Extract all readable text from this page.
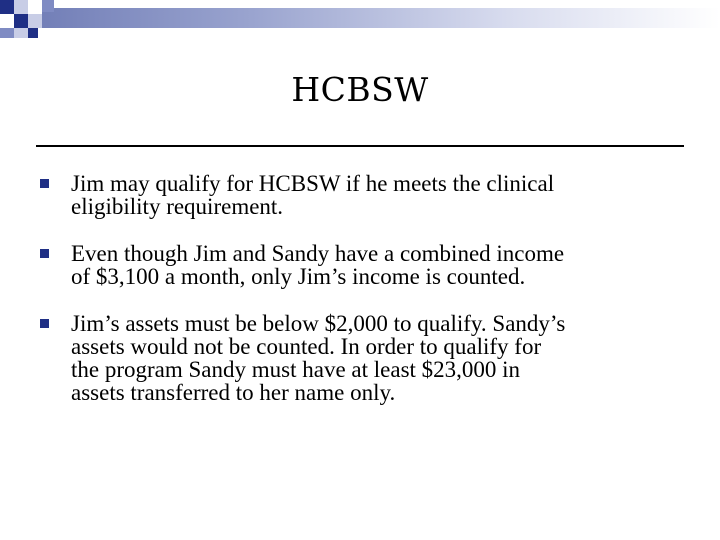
HCBSW
Jim may qualify for HCBSW if he meets the clinical
eligibility requirement.
Even though Jim and Sandy have a combined income
of $3,100 a month, only Jim’s income is counted.
Jim’s assets must be below $2,000 to qualify. Sandy’s
assets would not be counted. In order to qualify for
the program Sandy must have at least $23,000 in
assets transferred to her name only.
